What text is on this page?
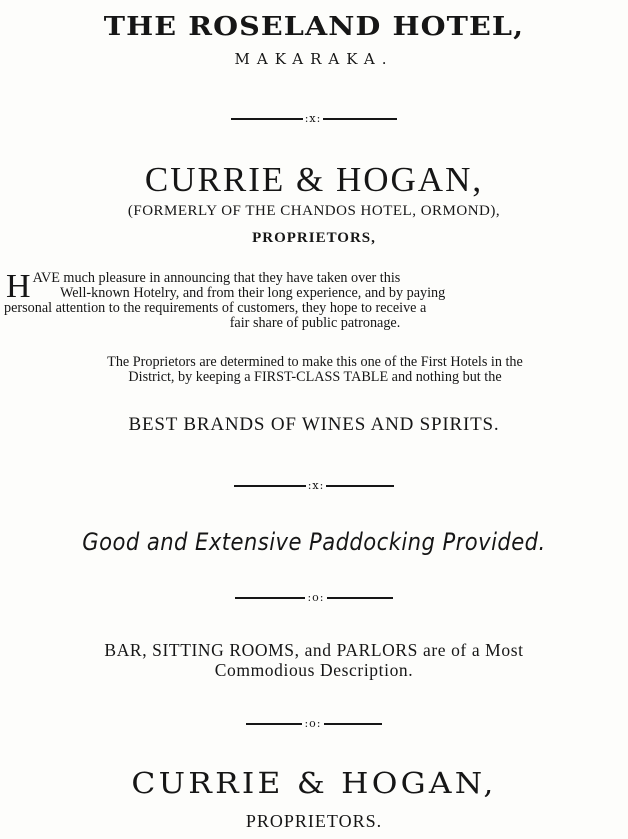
THE ROSELAND HOTEL,
MAKARAKA.
:x:
CURRIE & HOGAN,
(FORMERLY OF THE CHANDOS HOTEL, ORMOND),
PROPRIETORS,
H AVE much pleasure in announcing that they have taken over this
Well-known Hotelry, and from their long experience, and by paying
personal attention to the requirements of customers, they hope to receive a
fair share of public patronage.
The Proprietors are determined to make this one of the First Hotels in the
District, by keeping a FIRST-CLASS TABLE and nothing but the
BEST BRANDS OF WINES AND SPIRITS.
:x:
Good and Extensive Paddocking Provided.
:o:
BAR, SITTING ROOMS, and PARLORS are of a Most
Commodious Description.
:o:
CURRIE & HOGAN,
PROPRIETORS.
